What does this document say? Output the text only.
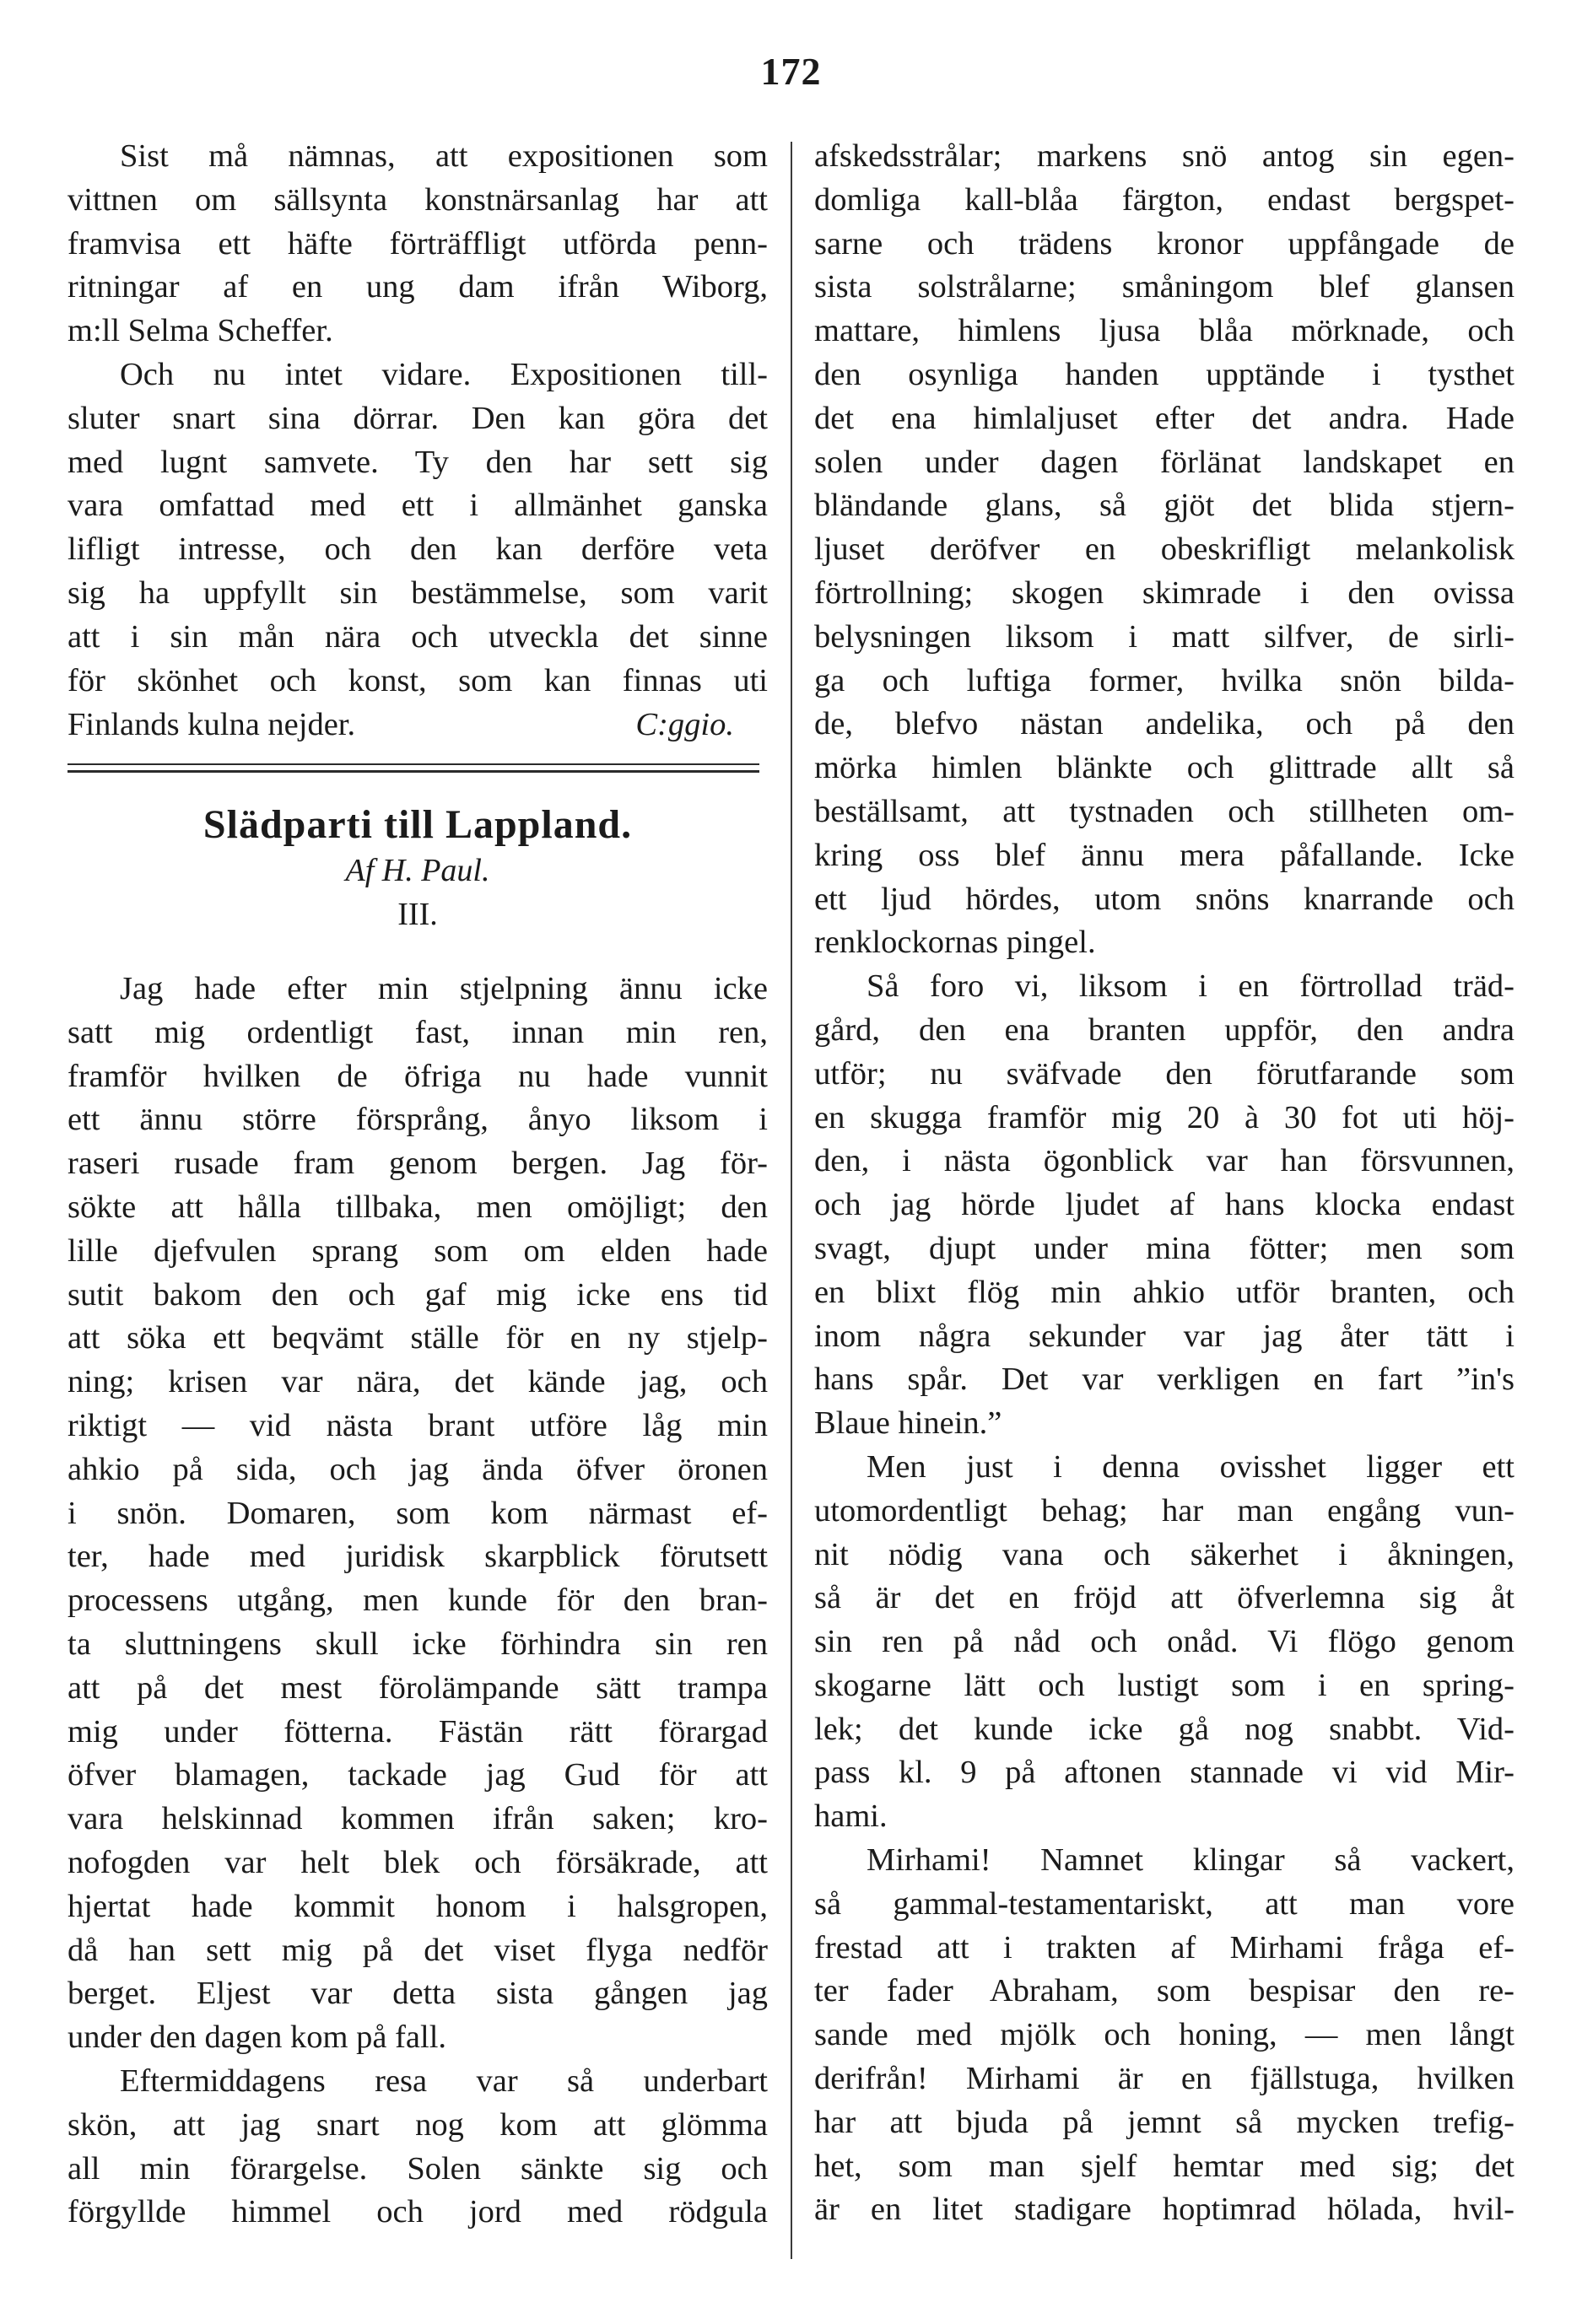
172
Sist må nämnas, att expositionen som
vittnen om sällsynta konstnärsanlag har att
framvisa ett häfte förträffligt utförda penn-
ritningar af en ung dam ifrån Wiborg,
m:ll Selma Scheffer.
Och nu intet vidare. Expositionen till-
sluter snart sina dörrar. Den kan göra det
med lugnt samvete. Ty den har sett sig
vara omfattad med ett i allmänhet ganska
lifligt intresse, och den kan derföre veta
sig ha uppfyllt sin bestämmelse, som varit
att i sin mån nära och utveckla det sinne
för skönhet och konst, som kan finnas uti
Finlands kulna nejder.	C:ggio.
Slädparti till Lappland.
Af H. Paul.
III.
Jag hade efter min stjelpning ännu icke
satt mig ordentligt fast, innan min ren,
framför hvilken de öfriga nu hade vunnit
ett ännu större försprång, ånyo liksom i
raseri rusade fram genom bergen. Jag för-
sökte att hålla tillbaka, men omöjligt; den
lille djefvulen sprang som om elden hade
sutit bakom den och gaf mig icke ens tid
att söka ett beqvämt ställe för en ny stjelp-
ning; krisen var nära, det kände jag, och
riktigt — vid nästa brant utföre låg min
ahkio på sida, och jag ända öfver öronen
i snön. Domaren, som kom närmast ef-
ter, hade med juridisk skarpblick förutsett
processens utgång, men kunde för den bran-
ta sluttningens skull icke förhindra sin ren
att på det mest förolämpande sätt trampa
mig under fötterna. Fästän rätt förargad
öfver blamagen, tackade jag Gud för att
vara helskinnad kommen ifrån saken; kro-
nofogden var helt blek och försäkrade, att
hjertat hade kommit honom i halsgropen,
då han sett mig på det viset flyga nedför
berget. Eljest var detta sista gången jag
under den dagen kom på fall.
Eftermiddagens resa var så underbart
skön, att jag snart nog kom att glömma
all min förargelse. Solen sänkte sig och
förgyllde himmel och jord med rödgula
afskedsstrålar; markens snö antog sin egen-
domliga kall-blåa färgton, endast bergspet-
sarne och trädens kronor uppfångade de
sista solstrålarne; småningom blef glansen
mattare, himlens ljusa blåa mörknade, och
den osynliga handen upptände i tysthet
det ena himlaljuset efter det andra. Hade
solen under dagen förlänat landskapet en
bländande glans, så gjöt det blida stjern-
ljuset deröfver en obeskrifligt melankolisk
förtrollning; skogen skimrade i den ovissa
belysningen liksom i matt silfver, de sirli-
ga och luftiga former, hvilka snön bilda-
de, blefvo nästan andelika, och på den
mörka himlen blänkte och glittrade allt så
beställsamt, att tystnaden och stillheten om-
kring oss blef ännu mera påfallande. Icke
ett ljud hördes, utom snöns knarrande och
renklockornas pingel.
Så foro vi, liksom i en förtrollad träd-
gård, den ena branten uppför, den andra
utför; nu sväfvade den förutfarande som
en skugga framför mig 20 à 30 fot uti höj-
den, i nästa ögonblick var han försvunnen,
och jag hörde ljudet af hans klocka endast
svagt, djupt under mina fötter; men som
en blixt flög min ahkio utför branten, och
inom några sekunder var jag åter tätt i
hans spår. Det var verkligen en fart ”in's
Blaue hinein.”
Men just i denna ovisshet ligger ett
utomordentligt behag; har man engång vun-
nit nödig vana och säkerhet i åkningen,
så är det en fröjd att öfverlemna sig åt
sin ren på nåd och onåd. Vi flögo genom
skogarne lätt och lustigt som i en spring-
lek; det kunde icke gå nog snabbt. Vid-
pass kl. 9 på aftonen stannade vi vid Mir-
hami.
Mirhami! Namnet klingar så vackert,
så gammal-testamentariskt, att man vore
frestad att i trakten af Mirhami fråga ef-
ter fader Abraham, som bespisar den re-
sande med mjölk och honing, — men långt
derifrån! Mirhami är en fjällstuga, hvilken
har att bjuda på jemnt så mycken trefig-
het, som man sjelf hemtar med sig; det
är en litet stadigare hoptimrad hölada, hvil-
